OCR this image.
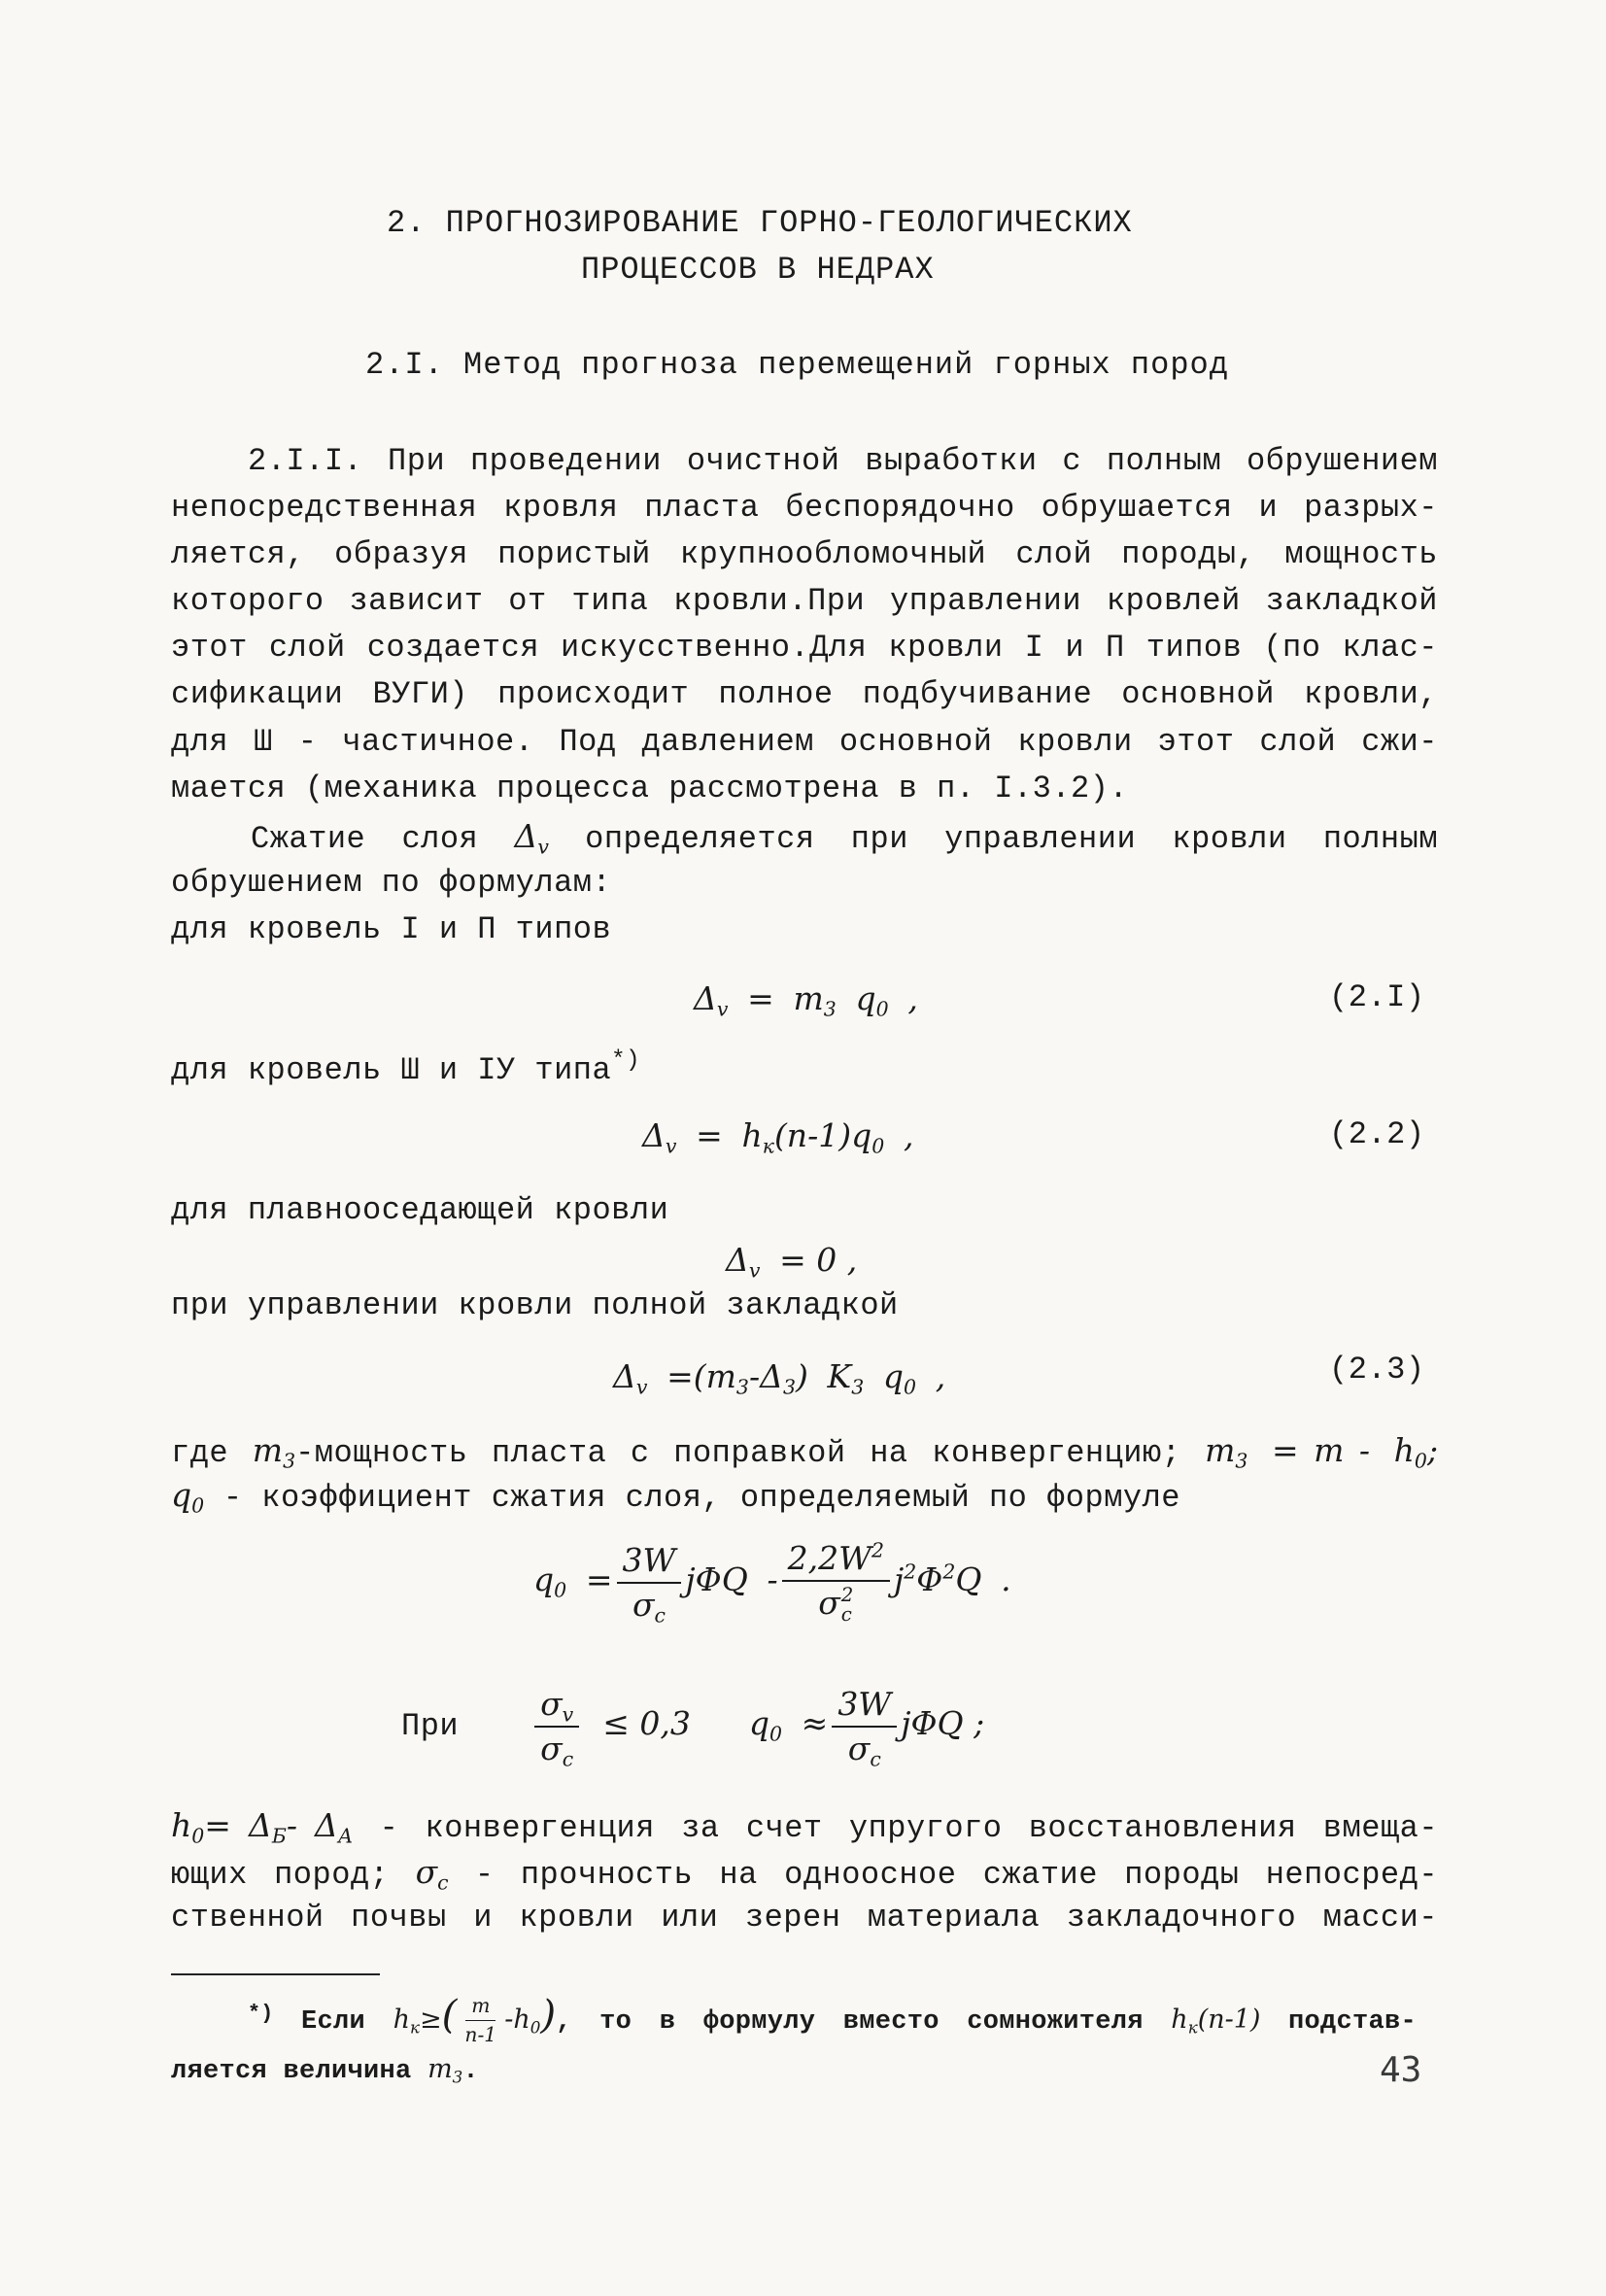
2. ПРОГНОЗИРОВАНИЕ ГОРНО-ГЕОЛОГИЧЕСКИХ
ПРОЦЕССОВ В НЕДРАХ
2.I. Метод прогноза перемещений горных пород
2.I.I. При проведении очистной выработки с полным обрушением
непосредственная кровля пласта беспорядочно обрушается и разрых-
ляется, образуя пористый крупнообломочный слой породы, мощность
которого зависит от типа кровли.При управлении кровлей закладкой
этот слой создается искусственно.Для кровли I и П типов (по клас-
сификации ВУГИ) происходит полное подбучивание основной кровли,
для Ш - частичное. Под давлением основной кровли этот слой сжи-
мается (механика процесса рассмотрена в п. I.3.2).
Сжатие слоя Δv определяется при управлении кровли полным
обрушением по формулам:
для кровель I и П типов
Δv = m3 q0 ,	(2.I)
для кровель Ш и IУ типа*)
Δv = hк(n-1)q0 ,	(2.2)
для плавнооседающей кровли
Δv = 0 ,
при управлении кровли полной закладкой
Δv =(m3-Δ3) K3 q0 ,	(2.3)
где m3-мощность пласта с поправкой на конвергенцию; m3 = m - h0;
q0 - коэффициент сжатия слоя, определяемый по формуле
$q0 = \frac{3W}{\sigma c}$ jΦQ - $2,2W^2$
σ 2
c $j^2\Phi^2Q$ .
При $\frac{\sigma v}{\sigma c} \le 0,3$ $q0 \approx \frac{3W}{\sigma c}$ jΦQ ;
h0= ΔБ- ΔА - конвергенция за счет упругого восстановления вмеща-
ющих пород; σc - прочность на одноосное сжатие породы непосред-
ственной почвы и кровли или зерен материала закладочного масси-
*) Если $hк\ge( \frac{m}{n-1} -h0)$, то в формулу вместо сомножителя hк(n-1) подстав-
ляется величина m3.	43
